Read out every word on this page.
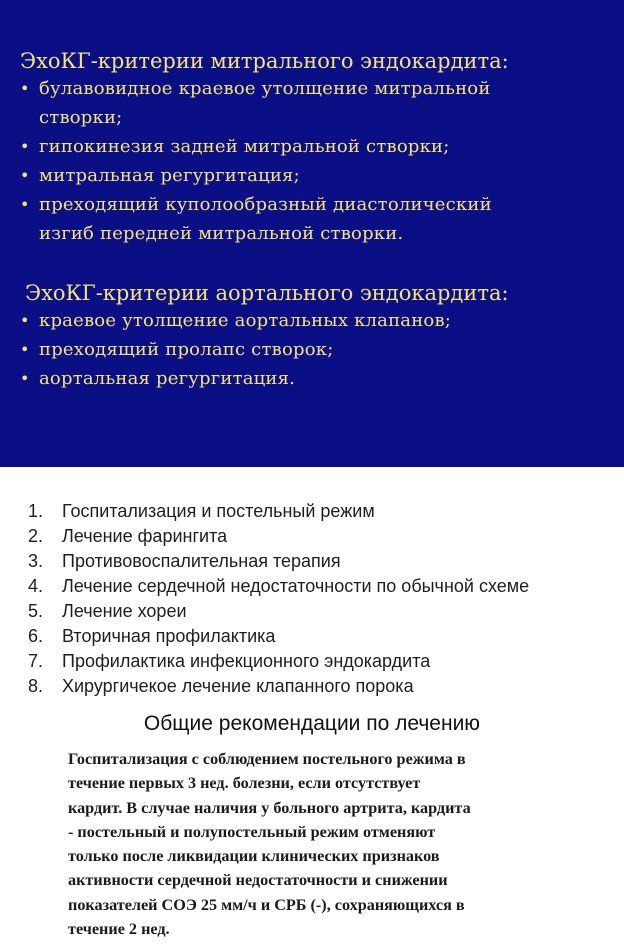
ЭхоКГ-критерии митрального эндокардита:
• булавовидное краевое утолщение митральной
створки;
• гипокинезия задней митральной створки;
• митральная регургитация;
• преходящий куполообразный диастолический
изгиб передней митральной створки.
ЭхоКГ-критерии аортального эндокардита:
• краевое утолщение аортальных клапанов;
• преходящий пролапс створок;
• аортальная регургитация.
1.	Госпитализация и постельный режим
2.	Лечение фарингита
3.	Противовоспалительная терапия
4.	Лечение сердечной недостаточности по обычной схеме
5.	Лечение хореи
6.	Вторичная профилактика
7.	Профилактика инфекционного эндокардита
8.	Хирургичекое лечение клапанного порока
Общие рекомендации по лечению
Госпитализация с соблюдением постельного режима в
течение первых 3 нед. болезни, если отсутствует
кардит. В случае наличия у больного артрита, кардита
- постельный и полупостельный режим отменяют
только после ликвидации клинических признаков
активности сердечной недостаточности и снижении
показателей СОЭ 25 мм/ч и СРБ (-), сохраняющихся в
течение 2 нед.
